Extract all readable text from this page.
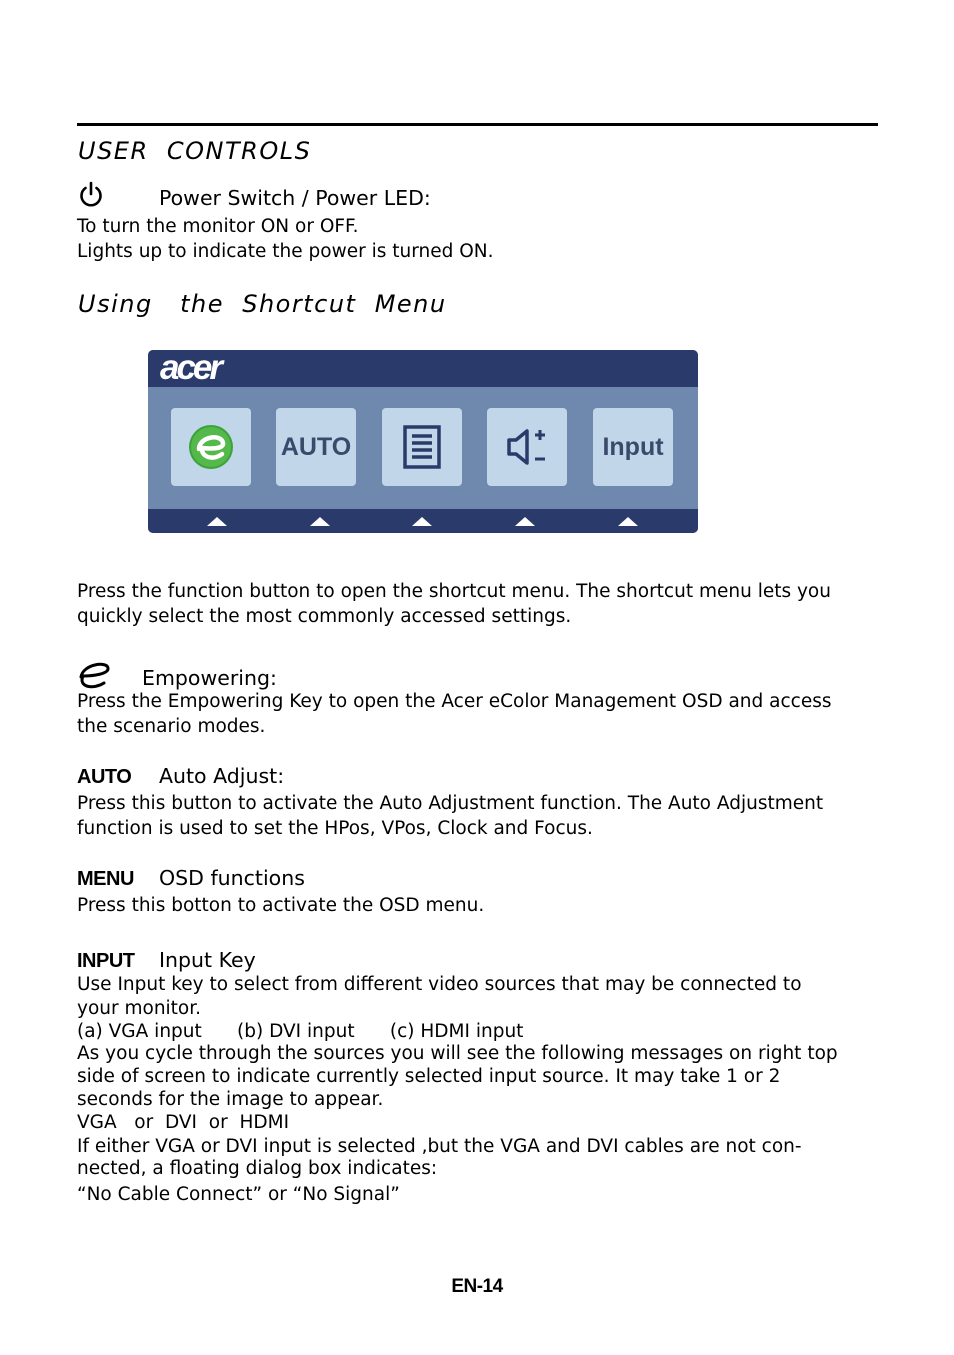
USER  CONTROLS
Power Switch / Power LED:

To turn the monitor ON or OFF.

Lights up to indicate the power is turned ON.

Using   the  Shortcut  Menu
acer
AUTO	Input

Press the function button to open the shortcut menu. The shortcut menu lets you

quickly select the most commonly accessed settings.

Empowering:

Press the Empowering Key to open the Acer eColor Management OSD and access

the scenario modes.

AUTO Auto Adjust:

Press this button to activate the Auto Adjustment function. The Auto Adjustment

function is used to set the HPos, VPos, Clock and Focus.

MENU OSD functions

Press this botton to activate the OSD menu.

INPUT Input Key

Use Input key to select from different video sources that may be connected to

your monitor.

(a) VGA input      (b) DVI input      (c) HDMI input

As you cycle through the sources you will see the following messages on right top

side of screen to indicate currently selected input source. It may take 1 or 2

seconds for the image to appear.

VGA   or  DVI  or  HDMI

If either VGA or DVI input is selected ,but the VGA and DVI cables are not con-

nected, a floating dialog box indicates:

“No Cable Connect” or “No Signal”

EN-14
